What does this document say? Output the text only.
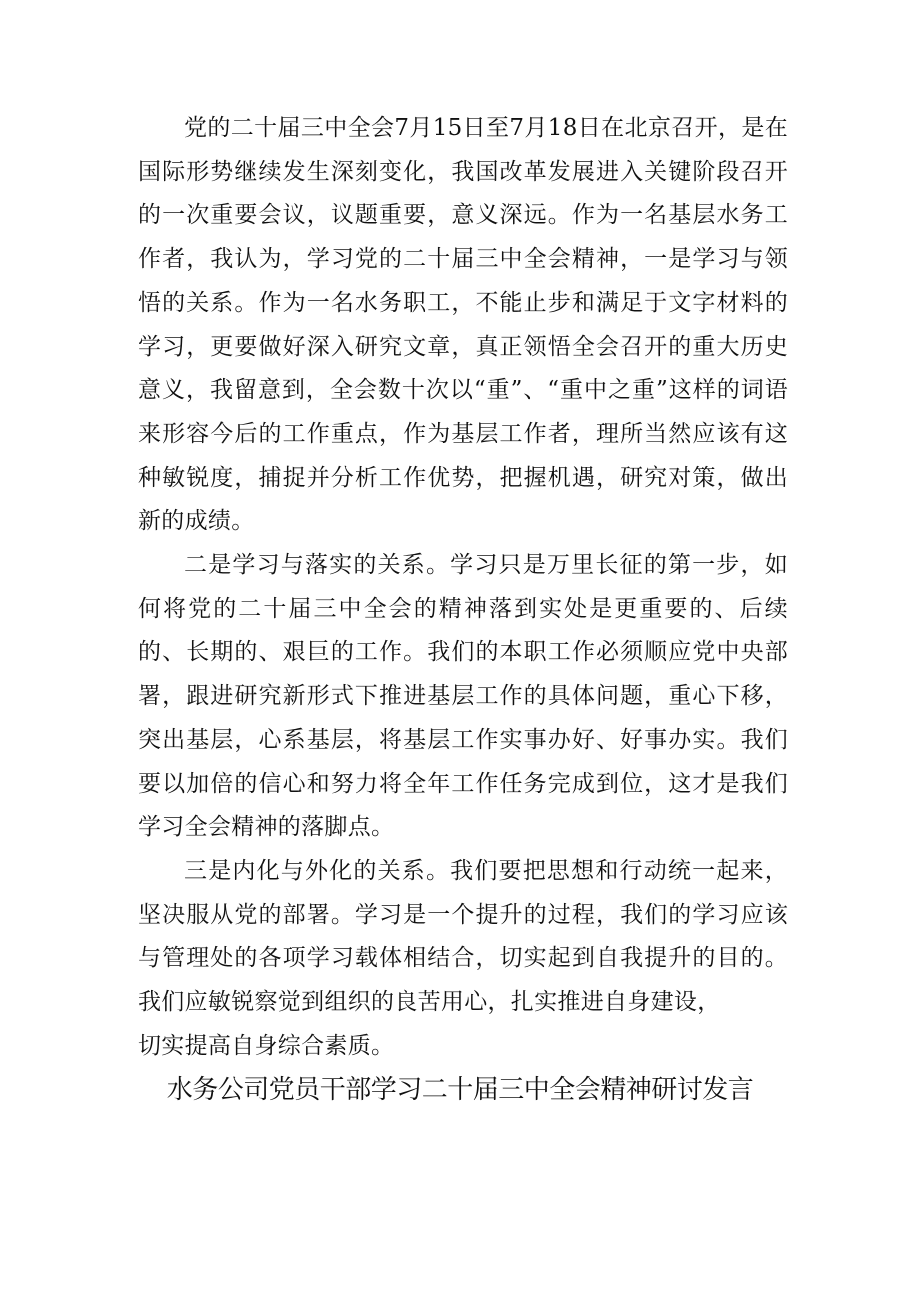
党的二十届三中全会7月15日至7月18日在北京召开，是在国际形势继续发生深刻变化，我国改革发展进入关键阶段召开的一次重要会议，议题重要，意义深远。作为一名基层水务工作者，我认为，学习党的二十届三中全会精神，一是学习与领悟的关系。作为一名水务职工，不能止步和满足于文字材料的学习，更要做好深入研究文章，真正领悟全会召开的重大历史意义，我留意到，全会数十次以“重”、“重中之重”这样的词语来形容今后的工作重点，作为基层工作者，理所当然应该有这种敏锐度，捕捉并分析工作优势，把握机遇，研究对策，做出新的成绩。

二是学习与落实的关系。学习只是万里长征的第一步，如何将党的二十届三中全会的精神落到实处是更重要的、后续的、长期的、艰巨的工作。我们的本职工作必须顺应党中央部署，跟进研究新形式下推进基层工作的具体问题，重心下移，突出基层，心系基层，将基层工作实事办好、好事办实。我们要以加倍的信心和努力将全年工作任务完成到位，这才是我们学习全会精神的落脚点。

三是内化与外化的关系。我们要把思想和行动统一起来，坚决服从党的部署。学习是一个提升的过程，我们的学习应该与管理处的各项学习载体相结合，切实起到自我提升的目的。我们应敏锐察觉到组织的良苦用心，扎实推进自身建设，

切实提高自身综合素质。

水务公司党员干部学习二十届三中全会精神研讨发言
